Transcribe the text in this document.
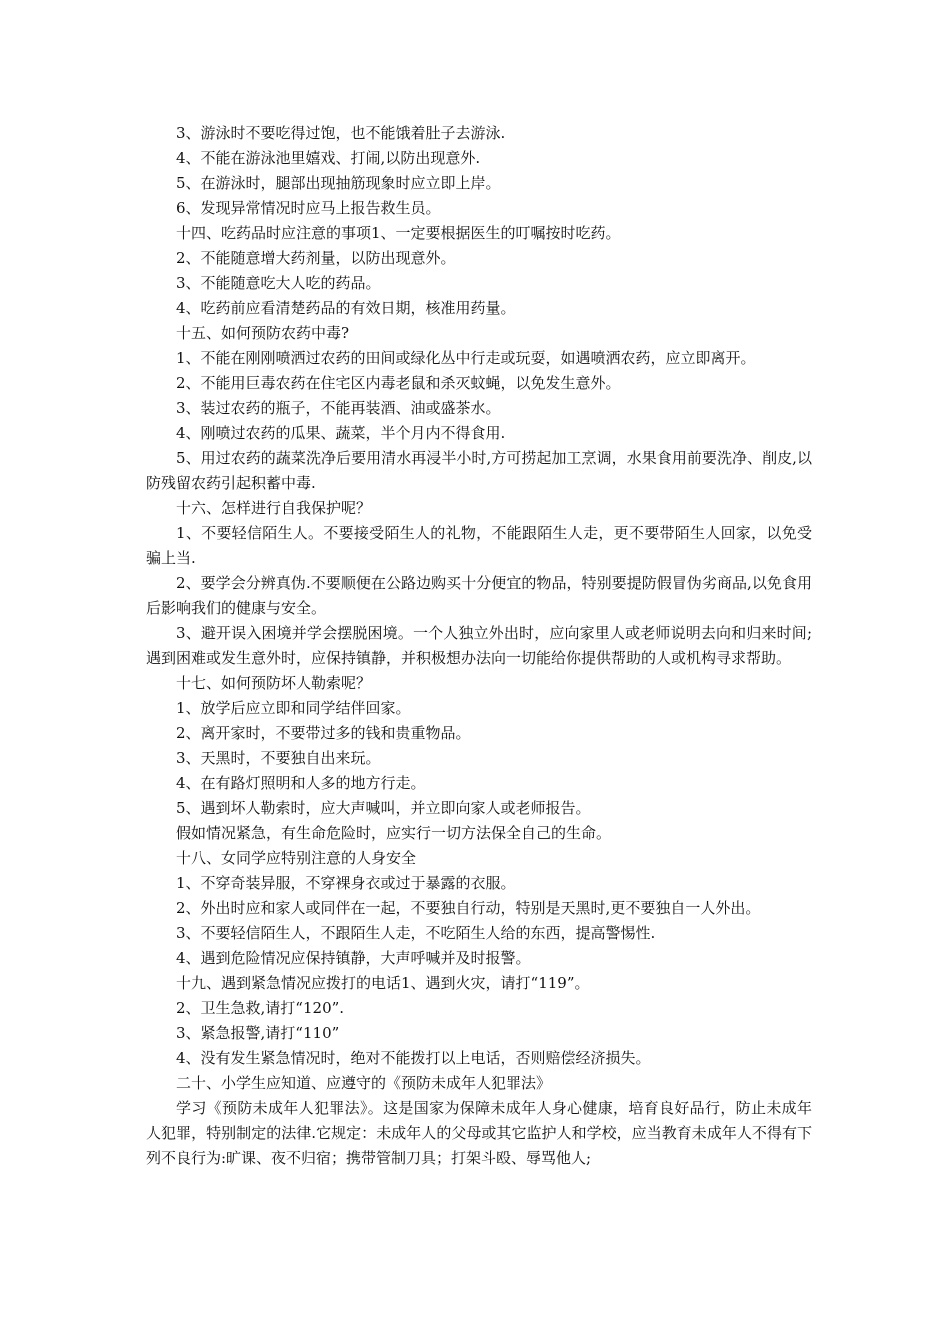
3、游泳时不要吃得过饱，也不能饿着肚子去游泳.

4、不能在游泳池里嬉戏、打闹,以防出现意外.

5、在游泳时，腿部出现抽筋现象时应立即上岸。

6、发现异常情况时应马上报告救生员。

十四、吃药品时应注意的事项1、一定要根据医生的叮嘱按时吃药。

2、不能随意增大药剂量，以防出现意外。

3、不能随意吃大人吃的药品。

4、吃药前应看清楚药品的有效日期，核准用药量。

十五、如何预防农药中毒?

1、不能在刚刚喷洒过农药的田间或绿化丛中行走或玩耍，如遇喷洒农药，应立即离开。

2、不能用巨毒农药在住宅区内毒老鼠和杀灭蚊蝇，以免发生意外。

3、装过农药的瓶子，不能再装酒、油或盛茶水。

4、刚喷过农药的瓜果、蔬菜，半个月内不得食用.

5、用过农药的蔬菜洗净后要用清水再浸半小时,方可捞起加工烹调，水果食用前要洗净、削皮,以防残留农药引起积蓄中毒.

十六、怎样进行自我保护呢？

1、不要轻信陌生人。不要接受陌生人的礼物，不能跟陌生人走，更不要带陌生人回家，以免受骗上当.

2、要学会分辨真伪.不要顺便在公路边购买十分便宜的物品，特别要提防假冒伪劣商品,以免食用后影响我们的健康与安全。

3、避开误入困境并学会摆脱困境。一个人独立外出时，应向家里人或老师说明去向和归来时间;遇到困难或发生意外时，应保持镇静，并积极想办法向一切能给你提供帮助的人或机构寻求帮助。

十七、如何预防坏人勒索呢？

1、放学后应立即和同学结伴回家。

2、离开家时，不要带过多的钱和贵重物品。

3、天黑时，不要独自出来玩。

4、在有路灯照明和人多的地方行走。

5、遇到坏人勒索时，应大声喊叫，并立即向家人或老师报告。

假如情况紧急，有生命危险时，应实行一切方法保全自己的生命。

十八、女同学应特别注意的人身安全

1、不穿奇装异服，不穿裸身衣或过于暴露的衣服。

2、外出时应和家人或同伴在一起，不要独自行动，特别是天黑时,更不要独自一人外出。

3、不要轻信陌生人，不跟陌生人走，不吃陌生人给的东西，提高警惕性.

4、遇到危险情况应保持镇静，大声呼喊并及时报警。

十九、遇到紧急情况应拨打的电话1、遇到火灾，请打“119”。

2、卫生急救,请打“120”.

3、紧急报警,请打“110”

4、没有发生紧急情况时，绝对不能拨打以上电话，否则赔偿经济损失。

二十、小学生应知道、应遵守的《预防未成年人犯罪法》

学习《预防未成年人犯罪法》。这是国家为保障未成年人身心健康，培育良好品行，防止未成年人犯罪，特别制定的法律.它规定：未成年人的父母或其它监护人和学校，应当教育未成年人不得有下列不良行为:旷课、夜不归宿；携带管制刀具；打架斗殴、辱骂他人;
